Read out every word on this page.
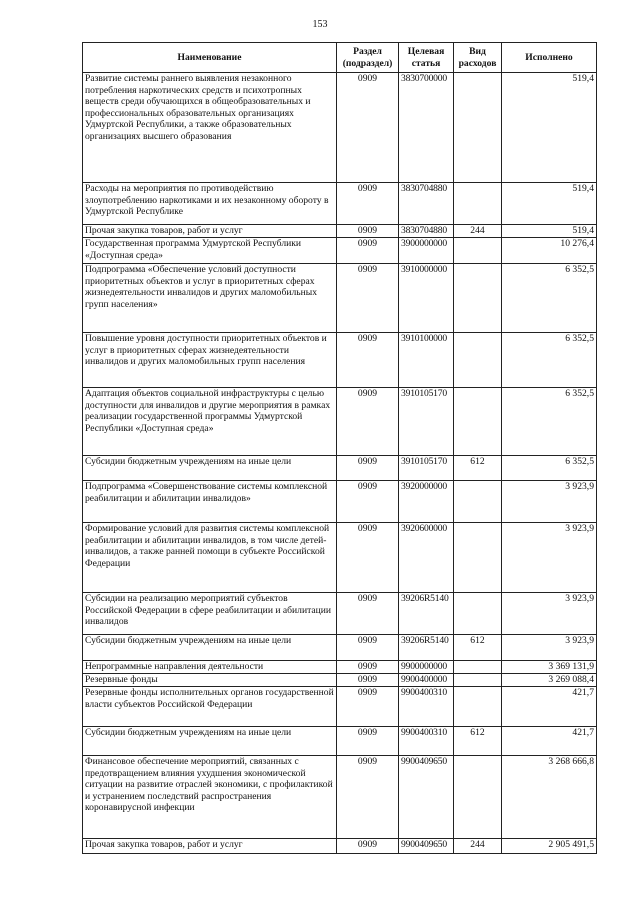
153
Наименование	Раздел (подраздел)	Целевая статья	Вид расходов	Исполнено
Развитие системы раннего выявления незаконного потребления наркотических средств и психотропных веществ среди обучающихся в общеобразовательных и профессиональных образовательных организациях Удмуртской Республики, а также образовательных организациях высшего образования	0909	3830700000		519,4
Расходы на мероприятия по противодействию злоупотреблению наркотиками и их незаконному обороту в Удмуртской Республике	0909	3830704880		519,4
Прочая закупка товаров, работ и услуг	0909	3830704880	244	519,4
Государственная программа Удмуртской Республики «Доступная среда»	0909	3900000000		10 276,4
Подпрограмма «Обеспечение условий доступности приоритетных объектов и услуг в приоритетных сферах жизнедеятельности инвалидов и других маломобильных групп населения»	0909	3910000000		6 352,5
Повышение уровня доступности приоритетных объектов и услуг в приоритетных сферах жизнедеятельности инвалидов и других маломобильных групп населения	0909	3910100000		6 352,5
Адаптация объектов социальной инфраструктуры с целью доступности для инвалидов и другие мероприятия в рамках реализации государственной программы Удмуртской Республики «Доступная среда»	0909	3910105170		6 352,5
Субсидии бюджетным учреждениям на иные цели	0909	3910105170	612	6 352,5
Подпрограмма «Совершенствование системы комплексной реабилитации и абилитации инвалидов»	0909	3920000000		3 923,9
Формирование условий для развития системы комплексной реабилитации и абилитации инвалидов, в том числе детей-инвалидов, а также ранней помощи в субъекте Российской Федерации	0909	3920600000		3 923,9
Субсидии на реализацию мероприятий субъектов Российской Федерации в сфере реабилитации и абилитации инвалидов	0909	39206R5140		3 923,9
Субсидии бюджетным учреждениям на иные цели	0909	39206R5140	612	3 923,9
Непрограммные направления деятельности	0909	9900000000		3 369 131,9
Резервные фонды	0909	9900400000		3 269 088,4
Резервные фонды исполнительных органов государственной власти субъектов Российской Федерации	0909	9900400310		421,7
Субсидии бюджетным учреждениям на иные цели	0909	9900400310	612	421,7
Финансовое обеспечение мероприятий, связанных с предотвращением влияния ухудшения экономической ситуации на развитие отраслей экономики, с профилактикой и устранением последствий распространения коронавирусной инфекции	0909	9900409650		3 268 666,8
Прочая закупка товаров, работ и услуг	0909	9900409650	244	2 905 491,5
